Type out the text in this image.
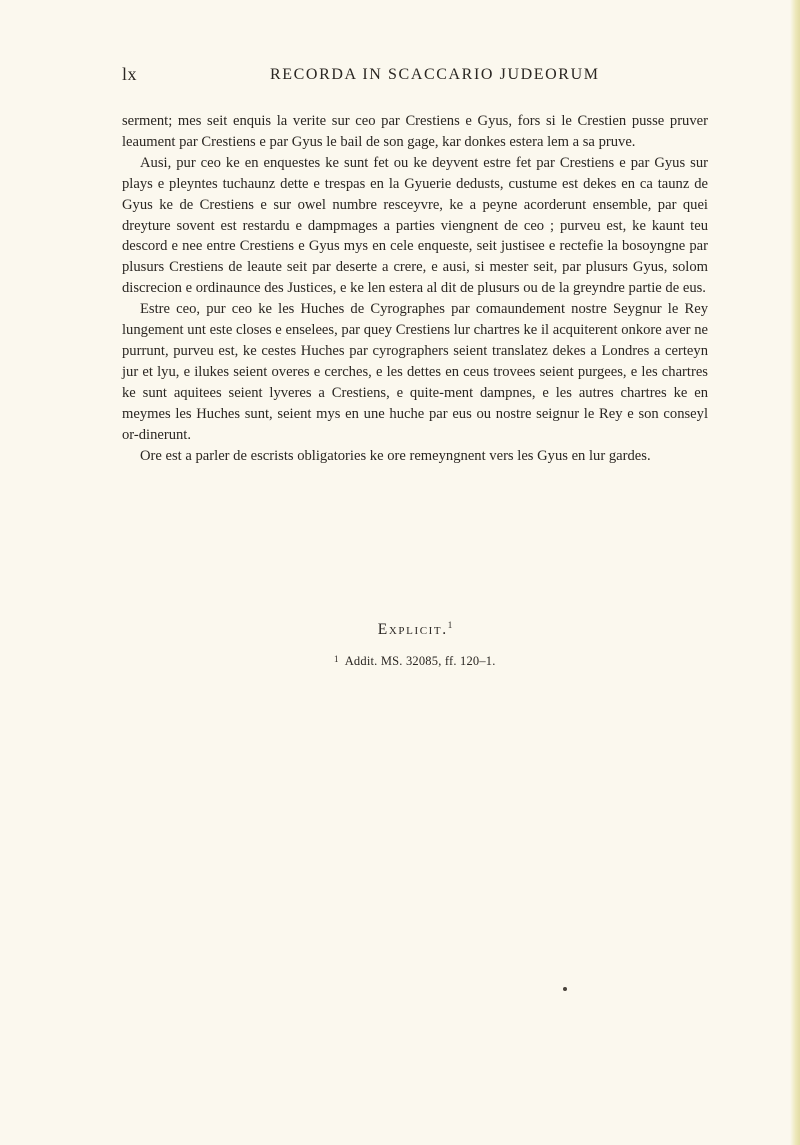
lx	RECORDA IN SCACCARIO JUDEORUM

serment; mes seit enquis la verite sur ceo par Crestiens e Gyus, fors si le Crestien pusse pruver leaument par Crestiens e par Gyus le bail de son gage, kar donkes estera lem a sa pruve.

Ausi, pur ceo ke en enquestes ke sunt fet ou ke deyvent estre fet par Crestiens e par Gyus sur plays e pleyntes tuchaunz dette e trespas en la Gyuerie dedusts, custume est dekes en ca taunz de Gyus ke de Crestiens e sur owel numbre resceyvre, ke a peyne acorderunt ensemble, par quei dreyture sovent est restardu e dampmages a parties viengnent de ceo ; purveu est, ke kaunt teu descord e nee entre Crestiens e Gyus mys en cele enqueste, seit justisee e rectefie la bosoyngne par plusurs Crestiens de leaute seit par deserte a crere, e ausi, si mester seit, par plusurs Gyus, solom discrecion e ordinaunce des Justices, e ke len estera al dit de plusurs ou de la greyndre partie de eus.

Estre ceo, pur ceo ke les Huches de Cyrographes par comaundement nostre Seygnur le Rey lungement unt este closes e enselees, par quey Crestiens lur chartres ke il acquiterent onkore aver ne purrunt, purveu est, ke cestes Huches par cyrographers seient translatez dekes a Londres a certeyn jur et lyu, e ilukes seient overes e cerches, e les dettes en ceus trovees seient purgees, e les chartres ke sunt aquitees seient lyveres a Crestiens, e quite-ment dampnes, e les autres chartres ke en meymes les Huches sunt, seient mys en une huche par eus ou nostre seignur le Rey e son conseyl or-dinerunt.

Ore est a parler de escrists obligatories ke ore remeyngnent vers les Gyus en lur gardes.

Explicit.$^1$
$^1$ Addit. MS. 32085, ff. 120–1.
